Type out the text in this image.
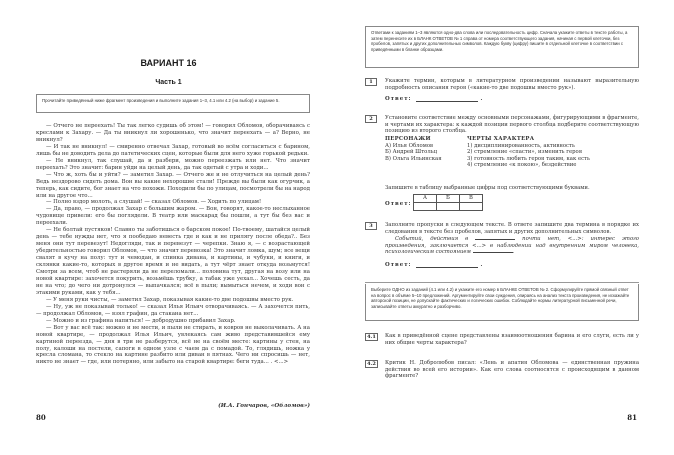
ВАРИАНТ 16
Часть 1
Прочитайте приведённый ниже фрагмент произведения и выполните задания 1–3, 4.1 или 4.2 (на выбор) и задание 5.

— Отчего не переехать! Ты так легко судишь об этом! — говорил Обломов, оборачиваясь с креслами к Захару. — Да ты вникнул ли хорошенько, что значит переехать — а? Верно, не вникнул?

— И так не вникнул! — смиренно отвечал Захар, готовый во всём согласиться с барином, лишь бы не доводить дела до патетических сцен, которые были для него хуже горькой редьки.

— Не вникнул, так слушай, да и разбери, можно переезжать или нет. Что значит переехать? Это значит: барин уйди на целый день, да так одетый с утра и ходи...

— Что ж, хоть бы и уйти? — заметил Захар. — Отчего же и не отлучиться на целый день? Ведь нездорово сидеть дома. Вон вы какие нехорошие стали! Прежде вы были как огурчик, а теперь, как сидите, бог знает на что похожи. Походили бы по улицам, посмотрели бы на народ или на другое что...

— Полно вздор молоть, а слушай! — сказал Обломов. — Ходить по улицам!

— Да, право, — продолжал Захар с большим жаром. — Вон, говорят, какое-то неслыханное чудовище привели: его бы поглядели. В театр или маскарад бы пошли, а тут бы без вас и переехали.

— Не болтай пустяков! Славно ты заботишься о барском покое! По-твоему, шатайся целый день — тебе нужды нет, что я пообедаю невесть где и как и не прилягу после обеда?.. Без меня они тут перевезут! Недогляди, так и перевезут — черепки. Знаю я, — с возрастающей убедительностью говорил Обломов, — что значит перевозка! Это значит ломка, шум; все вещи свалят в кучу на полу: тут и чемодан, и спинка дивана, и картины, и чубуки, и книги, и склянки какие-то, которых в другое время и не видать, а тут чёрт знает откуда возьмутся! Смотри за всем, чтоб не растеряли да не переломали... половина тут, другая на возу или на новой квартире: захочется покурить, возьмёшь трубку, а табак уже уехал... Хочешь сесть, да не на что; до чего ни дотронулся — выпачкался; всё в пыли; вымыться нечем, и ходи вон с этакими руками, как у тебя...

— У меня руки чисты, — заметил Захар, показывая какие-то две подошвы вместо рук.

— Ну, уж не показывай только! — сказал Илья Ильич отворачиваясь. — А захочется пить, — продолжал Обломов, — взял графин, да стакана нет...

— Можно и из графина напиться! — добродушно прибавил Захар.

— Вот у вас всё так: можно и не мести, и пыли не стирать, и ковров не выколачивать. А на новой квартире, — продолжал Илья Ильич, увлекаясь сам живо представившейся ему картиной переезда, — дня в три не разберутся, всё не на своём месте: картины у стен, на полу, калоши на постели, сапоги в одном узле с чаем да с помадой. То, глядишь, ножка у кресла сломана, то стекло на картине разбито или диван в пятнах. Чего ни спросишь — нет, никто не знает — где, или потеряно, или забыто на старой квартире: беги туда... . <...>

(И.А. Гончаров, «Обломов»)
80
Ответами к заданиям 1–3 являются одно-два слова или последовательность цифр. Сначала укажите ответы в тексте работы, а затем перенесите их в БЛАНК ОТВЕТОВ № 1 справа от номера соответствующего задания, начиная с первой клеточки, без пробелов, запятых и других дополнительных символов. Каждую букву (цифру) пишите в отдельной клеточке в соответствии с приведёнными в бланке образцами.
1	Укажите термин, которым в литературном произведении называют выразительную подробность описания героя («какие-то две подошвы вместо рук»).
Ответ:	.
2	Установите соответствие между основными персонажами, фигурирующими в фрагменте, и чертами их характера: к каждой позиции первого столбца подберите соответствующую позицию из второго столбца.
ПЕРСОНАЖИ
А) Илья Обломов
Б) Андрей Штольц
В) Ольга Ильинская
ЧЕРТЫ ХАРАКТЕРА
1) дисциплинированность, активность
2) стремление «спасти», изменить героя
3) готовность любить героя таким, как есть
4) стремление «к покою», бездействие
Запишите в таблицу выбранные цифры под соответствующими буквами.
Ответ:
А	Б	В

3	Заполните пропуски в следующем тексте. В ответе запишите два термина в порядке их следования в тексте без пробелов, запятых и других дополнительных символов.
Событий, действия в	почти нет, <...>: интерес этого произведения, заключается <...> в наблюдении над внутренним миром человека, психологическим состоянием	.
Ответ:	.
Выберите ОДНО из заданий (4.1 или 4.2) и укажите его номер в БЛАНКЕ ОТВЕТОВ № 2. Сформулируйте прямой связный ответ на вопрос в объёме 5–10 предложений. Аргументируйте свои суждения, опираясь на анализ текста произведения, не искажайте авторской позиции, не допускайте фактических и логических ошибок. Соблюдайте нормы литературной письменной речи, записывайте ответы аккуратно и разборчиво.
4.1	Как в приведённой сцене представлены взаимоотношения барина и его слуги, есть ли у них общие черты характера?
4.2	Критик Н. Добролюбов писал: «Лень и апатия Обломова — единственная пружина действия во всей его истории». Как его слова соотносятся с происходящим в данном фрагменте?
81
